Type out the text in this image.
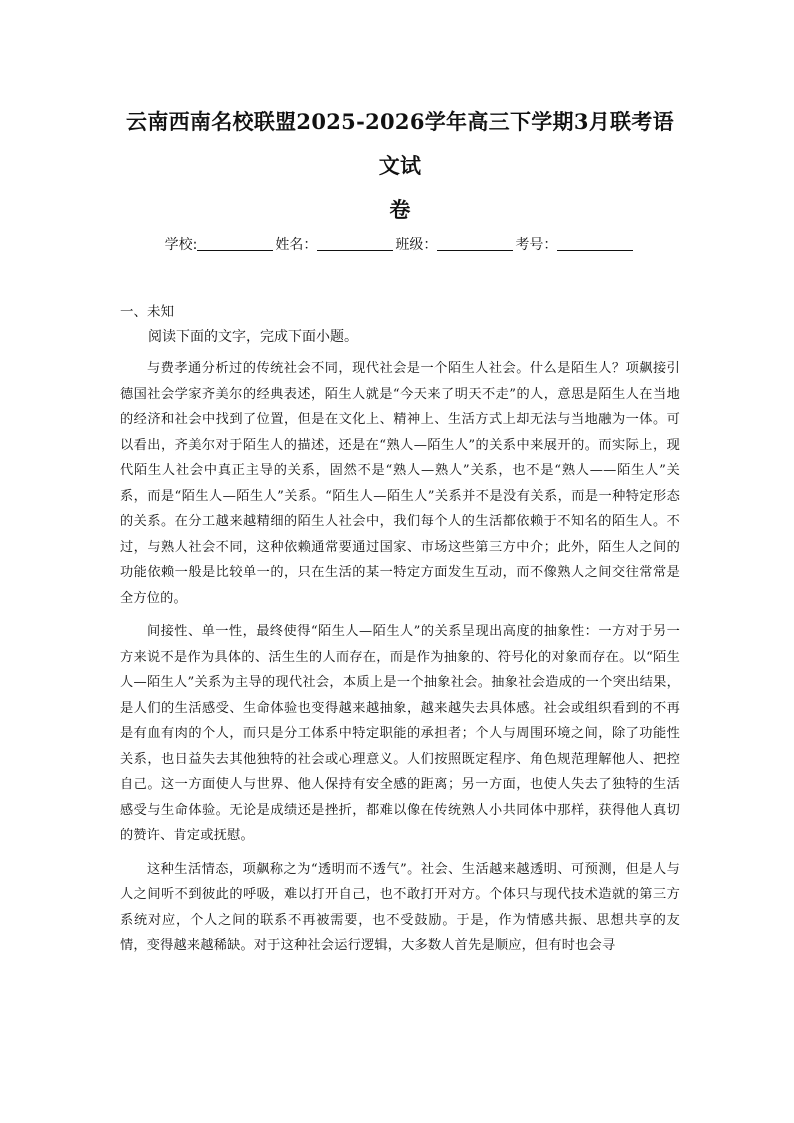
云南西南名校联盟2025-2026学年高三下学期3月联考语文试
卷
学校:	姓名：	班级：	考号：

一、未知

阅读下面的文字，完成下面小题。

与费孝通分析过的传统社会不同，现代社会是一个陌生人社会。什么是陌生人？项飙接引德国社会学家齐美尔的经典表述，陌生人就是“今天来了明天不走”的人，意思是陌生人在当地的经济和社会中找到了位置，但是在文化上、精神上、生活方式上却无法与当地融为一体。可以看出，齐美尔对于陌生人的描述，还是在“熟人—陌生人”的关系中来展开的。而实际上，现代陌生人社会中真正主导的关系，固然不是“熟人—熟人”关系，也不是“熟人——陌生人”关系，而是“陌生人—陌生人”关系。“陌生人—陌生人”关系并不是没有关系，而是一种特定形态的关系。在分工越来越精细的陌生人社会中，我们每个人的生活都依赖于不知名的陌生人。不过，与熟人社会不同，这种依赖通常要通过国家、市场这些第三方中介；此外，陌生人之间的功能依赖一般是比较单一的，只在生活的某一特定方面发生互动，而不像熟人之间交往常常是全方位的。

间接性、单一性，最终使得“陌生人—陌生人”的关系呈现出高度的抽象性：一方对于另一方来说不是作为具体的、活生生的人而存在，而是作为抽象的、符号化的对象而存在。以“陌生人—陌生人”关系为主导的现代社会，本质上是一个抽象社会。抽象社会造成的一个突出结果，是人们的生活感受、生命体验也变得越来越抽象，越来越失去具体感。社会或组织看到的不再是有血有肉的个人，而只是分工体系中特定职能的承担者；个人与周围环境之间，除了功能性关系，也日益失去其他独特的社会或心理意义。人们按照既定程序、角色规范理解他人、把控自己。这一方面使人与世界、他人保持有安全感的距离；另一方面，也使人失去了独特的生活感受与生命体验。无论是成绩还是挫折，都难以像在传统熟人小共同体中那样，获得他人真切的赞许、肯定或抚慰。

这种生活情态，项飙称之为“透明而不透气”。社会、生活越来越透明、可预测，但是人与人之间听不到彼此的呼吸，难以打开自己，也不敢打开对方。个体只与现代技术造就的第三方系统对应，个人之间的联系不再被需要，也不受鼓励。于是，作为情感共振、思想共享的友情，变得越来越稀缺。对于这种社会运行逻辑，大多数人首先是顺应，但有时也会寻
